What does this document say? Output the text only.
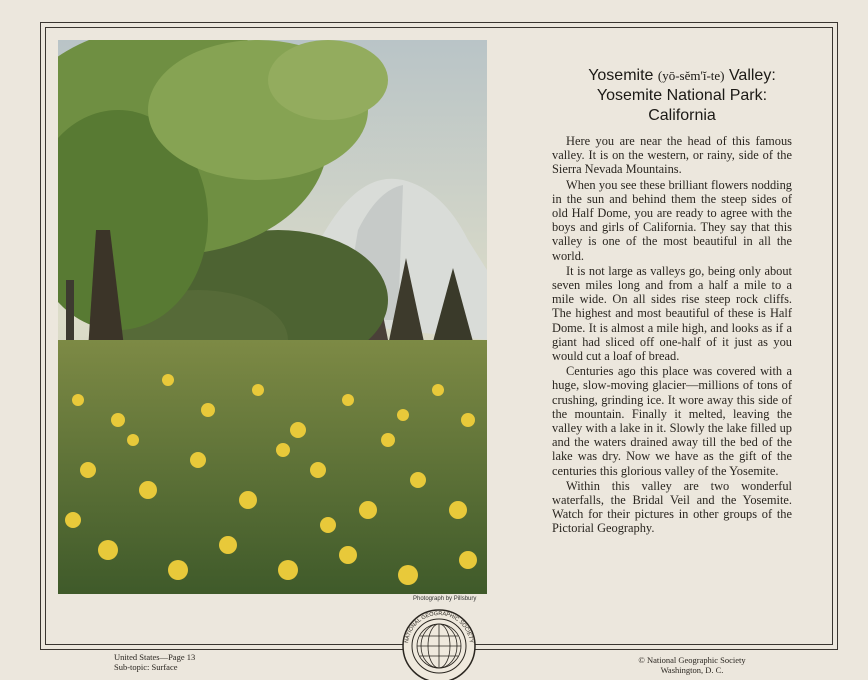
Photograph by Pillsbury
Yosemite (yō-sĕm'ĭ-te) Valley:
Yosemite National Park:
California

Here you are near the head of this famous valley. It is on the western, or rainy, side of the Sierra Nevada Mountains.

When you see these brilliant flowers nodding in the sun and behind them the steep sides of old Half Dome, you are ready to agree with the boys and girls of California. They say that this valley is one of the most beautiful in all the world.

It is not large as valleys go, being only about seven miles long and from a half a mile to a mile wide. On all sides rise steep rock cliffs. The highest and most beautiful of these is Half Dome. It is almost a mile high, and looks as if a giant had sliced off one-half of it just as you would cut a loaf of bread.

Centuries ago this place was covered with a huge, slow-moving glacier—millions of tons of crushing, grinding ice. It wore away this side of the mountain. Finally it melted, leaving the valley with a lake in it. Slowly the lake filled up and the waters drained away till the bed of the lake was dry. Now we have as the gift of the centuries this glorious valley of the Yosemite.

Within this valley are two wonderful waterfalls, the Bridal Veil and the Yosemite. Watch for their pictures in other groups of the Pictorial Geography.

United States—Page 13
Sub-topic: Surface
NATIONAL GEOGRAPHIC SOCIETY
© National Geographic Society
Washington, D. C.
